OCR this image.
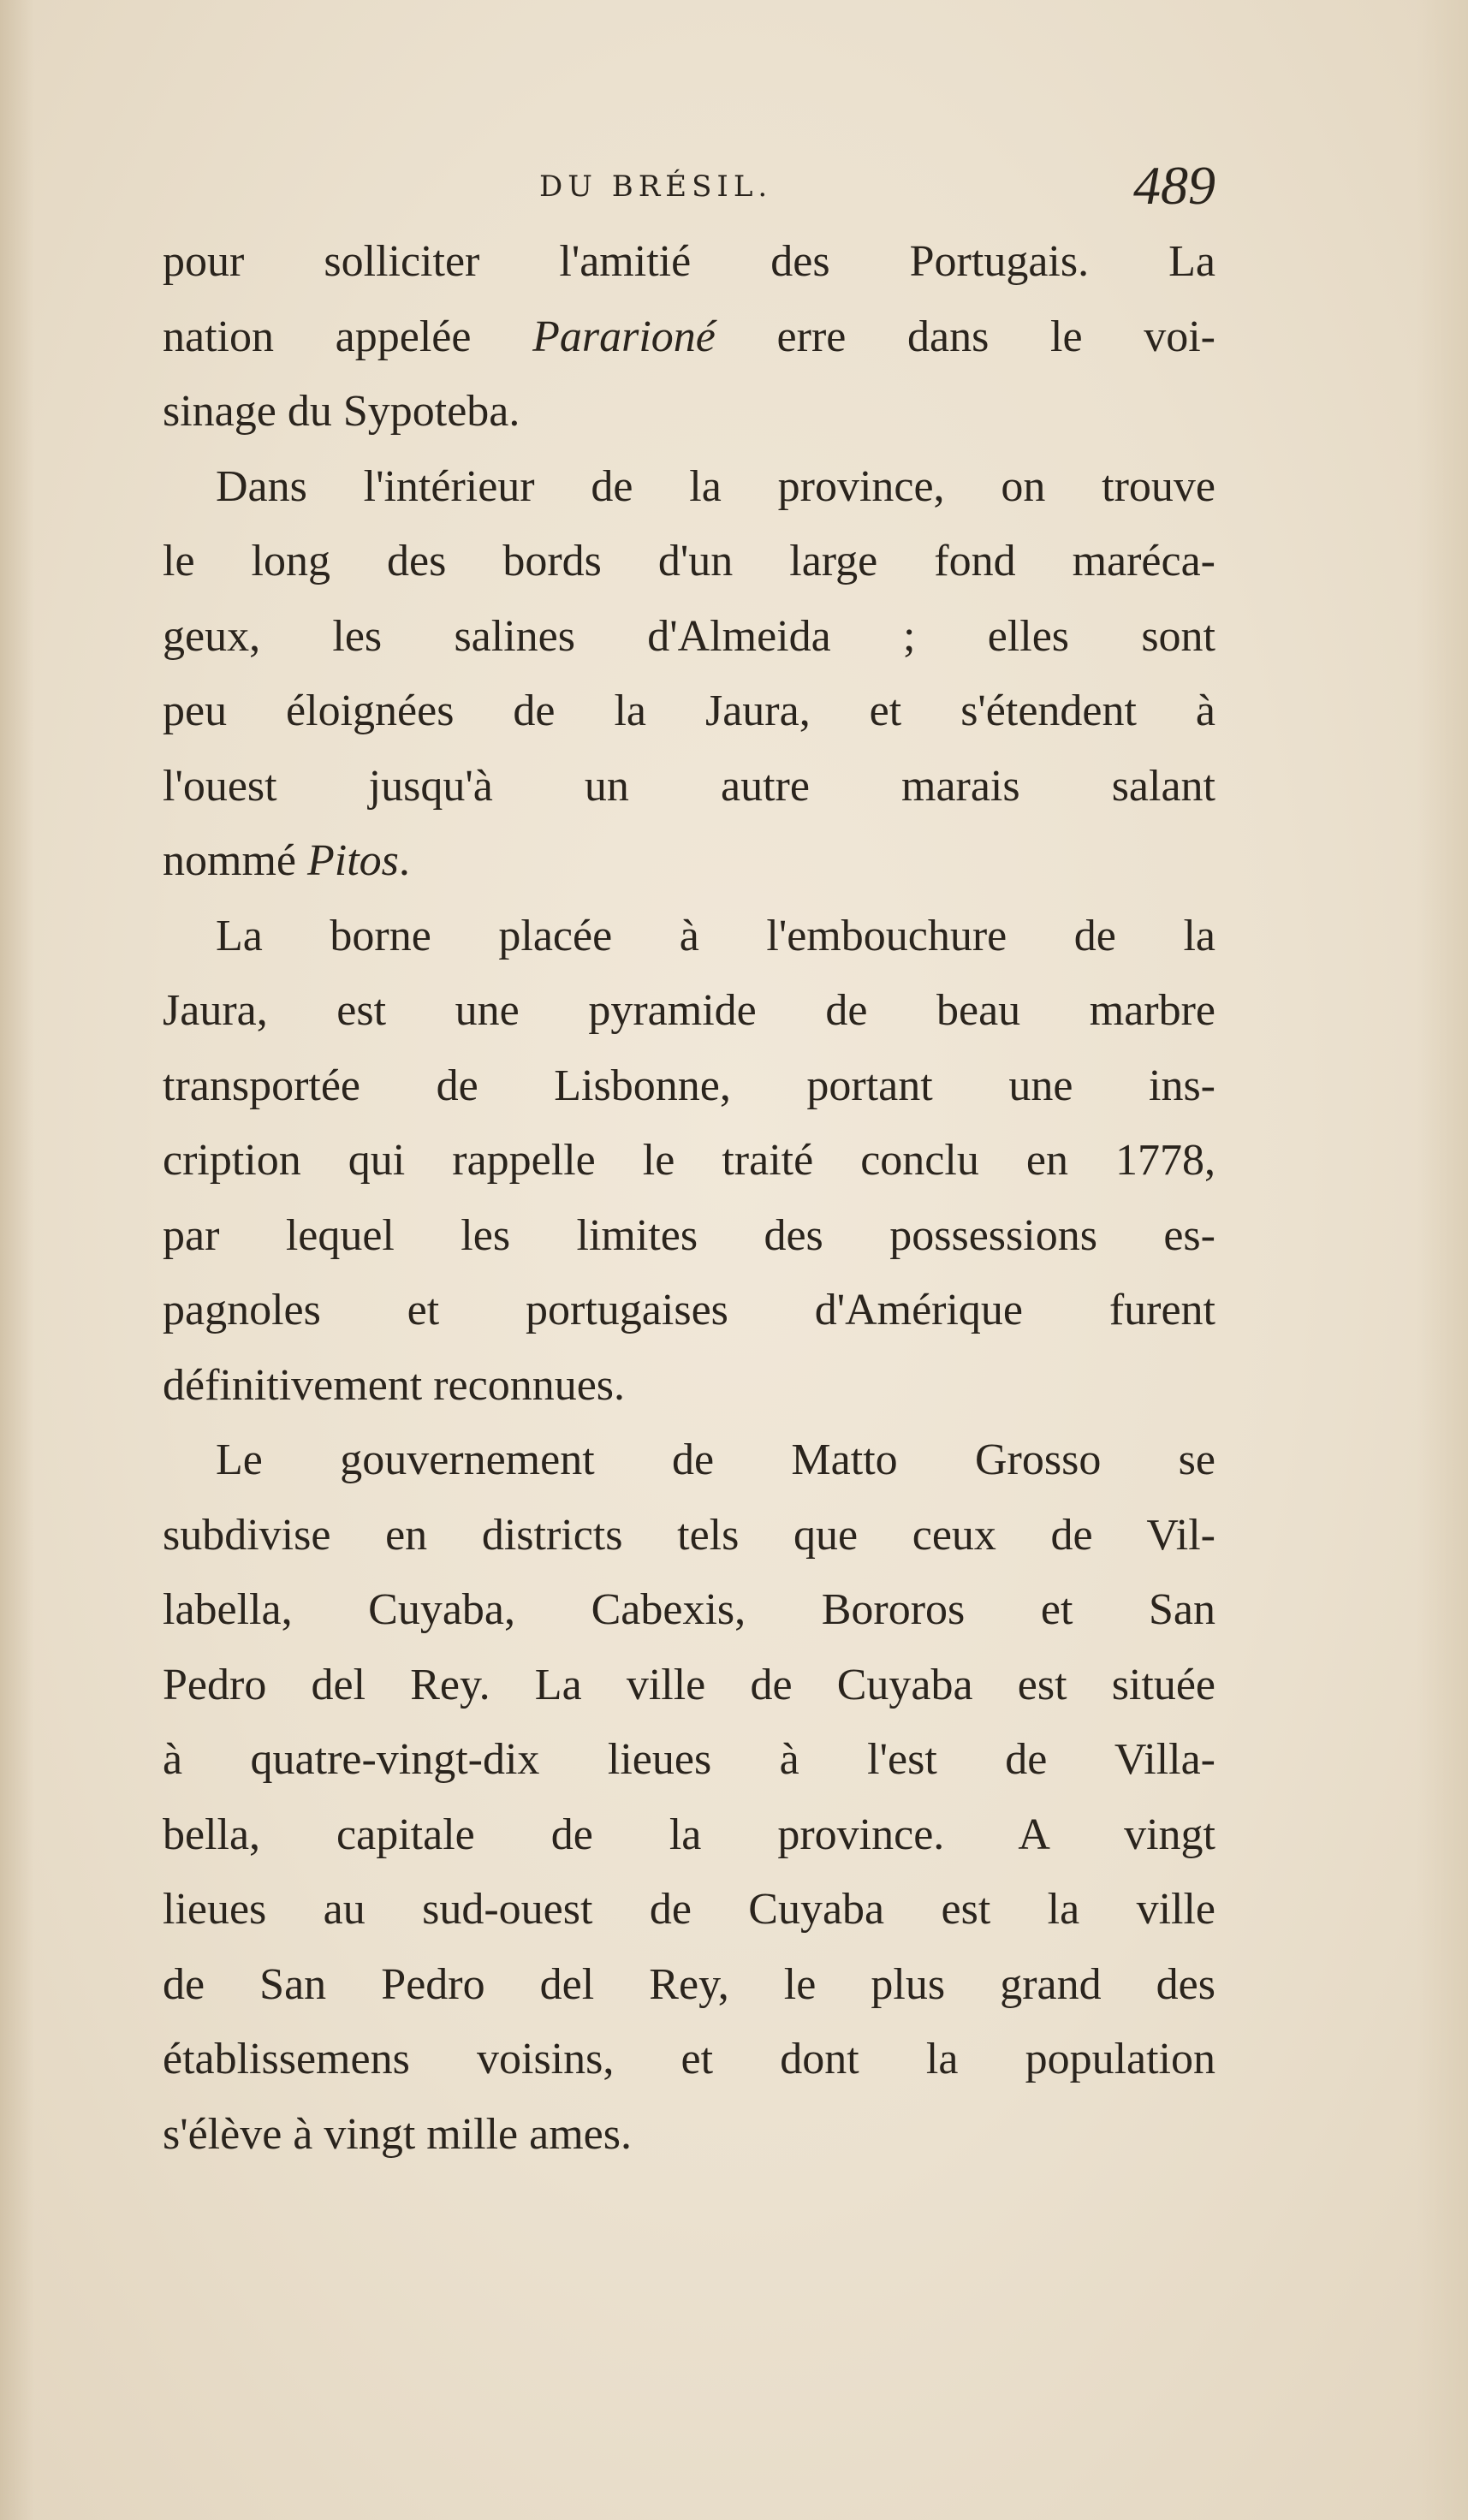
DU BRÉSIL.	489
pour solliciter l'amitié des Portugais. La
nation appelée Pararioné erre dans le voi-
sinage du Sypoteba.
Dans l'intérieur de la province, on trouve
le long des bords d'un large fond maréca-
geux, les salines d'Almeida ; elles sont
peu éloignées de la Jaura, et s'étendent à
l'ouest jusqu'à un autre marais salant
nommé Pitos.
La borne placée à l'embouchure de la
Jaura, est une pyramide de beau marbre
transportée de Lisbonne, portant une ins-
cription qui rappelle le traité conclu en 1778,
par lequel les limites des possessions es-
pagnoles et portugaises d'Amérique furent
définitivement reconnues.
Le gouvernement de Matto Grosso se
subdivise en districts tels que ceux de Vil-
labella, Cuyaba, Cabexis, Bororos et San
Pedro del Rey. La ville de Cuyaba est située
à quatre-vingt-dix lieues à l'est de Villa-
bella, capitale de la province. A vingt
lieues au sud-ouest de Cuyaba est la ville
de San Pedro del Rey, le plus grand des
établissemens voisins, et dont la population
s'élève à vingt mille ames.
